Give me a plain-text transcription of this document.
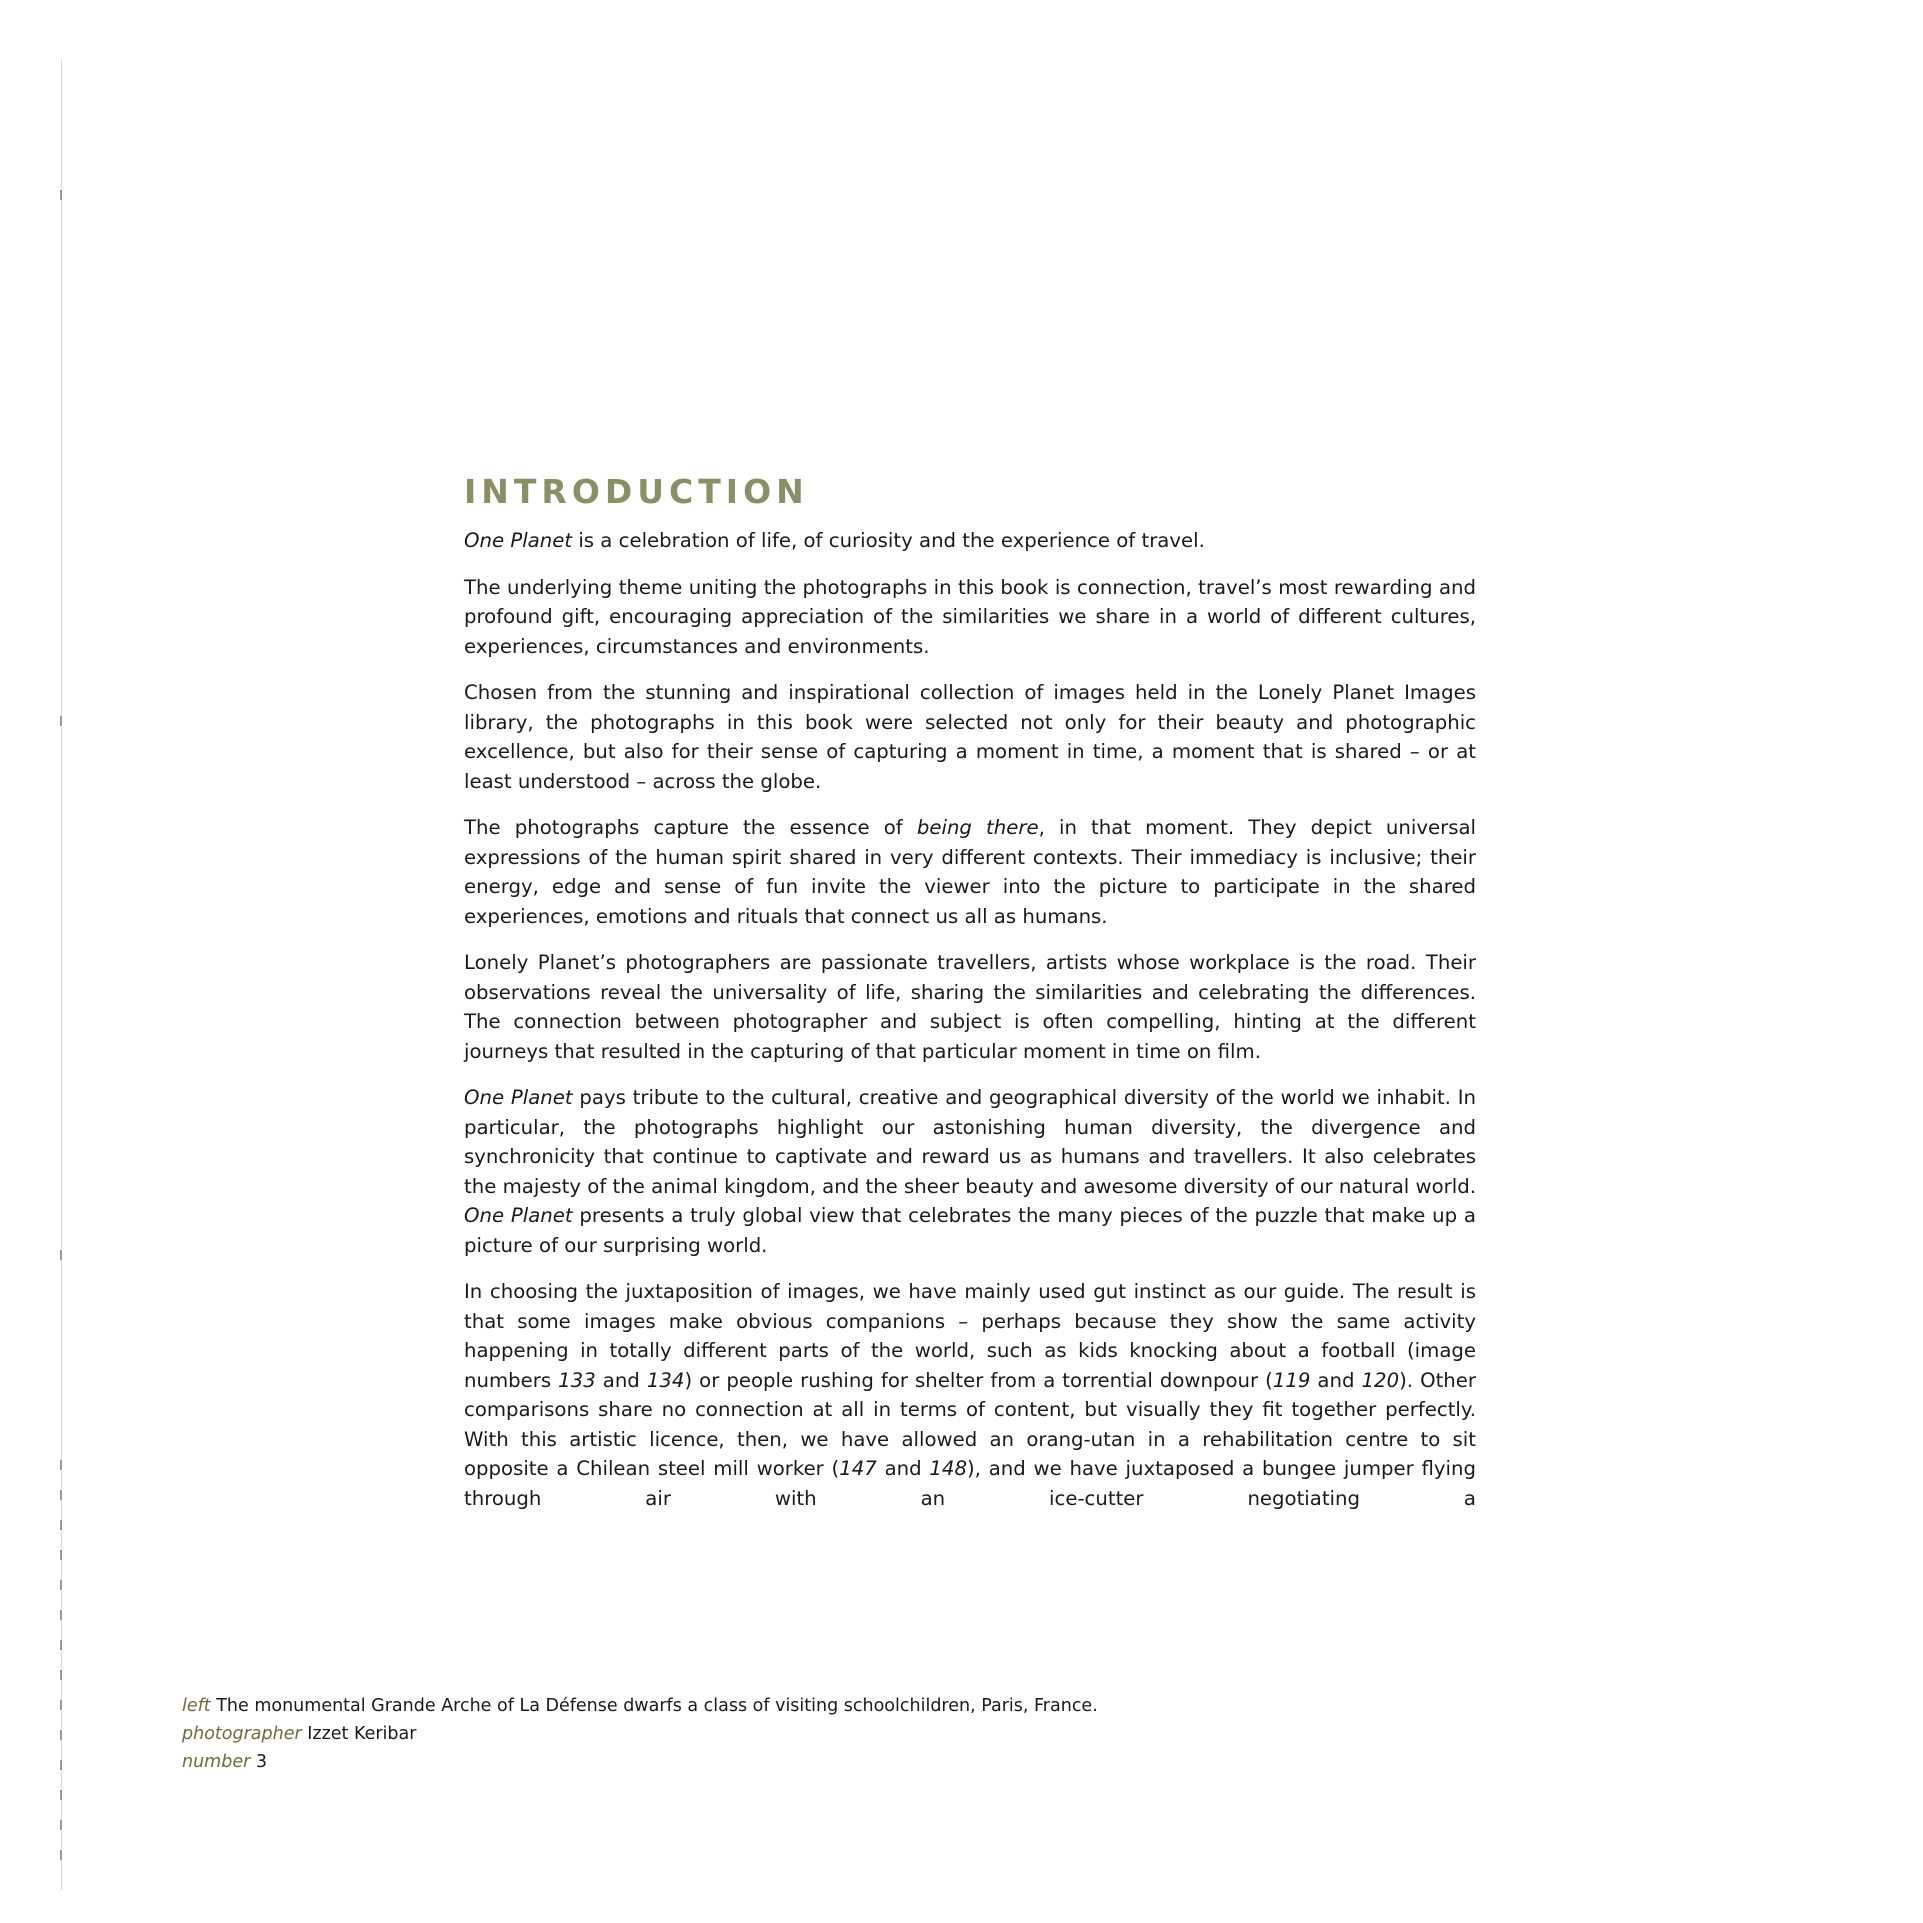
INTRODUCTION

One Planet is a celebration of life, of curiosity and the experience of travel.

The underlying theme uniting the photographs in this book is connection, travel’s most rewarding and profound gift, encouraging appreciation of the similarities we share in a world of different cultures, experiences, circumstances and environments.

Chosen from the stunning and inspirational collection of images held in the Lonely Planet Images library, the photographs in this book were selected not only for their beauty and photographic excellence, but also for their sense of capturing a moment in time, a moment that is shared – or at least understood – across the globe.

The photographs capture the essence of being there, in that moment. They depict universal expressions of the human spirit shared in very different contexts. Their immediacy is inclusive; their energy, edge and sense of fun invite the viewer into the picture to participate in the shared experiences, emotions and rituals that connect us all as humans.

Lonely Planet’s photographers are passionate travellers, artists whose workplace is the road. Their observations reveal the universality of life, sharing the similarities and celebrating the differences. The connection between photographer and subject is often compelling, hinting at the different journeys that resulted in the capturing of that particular moment in time on film.

One Planet pays tribute to the cultural, creative and geographical diversity of the world we inhabit. In particular, the photographs highlight our astonishing human diversity, the divergence and synchronicity that continue to captivate and reward us as humans and travellers. It also celebrates the majesty of the animal kingdom, and the sheer beauty and awesome diversity of our natural world. One Planet presents a truly global view that celebrates the many pieces of the puzzle that make up a picture of our surprising world.

In choosing the juxtaposition of images, we have mainly used gut instinct as our guide. The result is that some images make obvious companions – perhaps because they show the same activity happening in totally different parts of the world, such as kids knocking about a football (image numbers 133 and 134) or people rushing for shelter from a torrential downpour (119 and 120). Other comparisons share no connection at all in terms of content, but visually they fit together perfectly. With this artistic licence, then, we have allowed an orang-utan in a rehabilitation centre to sit opposite a Chilean steel mill worker (147 and 148), and we have juxtaposed a bungee jumper flying through air with an ice-cutter negotiating a

left The monumental Grande Arche of La Défense dwarfs a class of visiting schoolchildren, Paris, France.
photographer Izzet Keribar
number 3
